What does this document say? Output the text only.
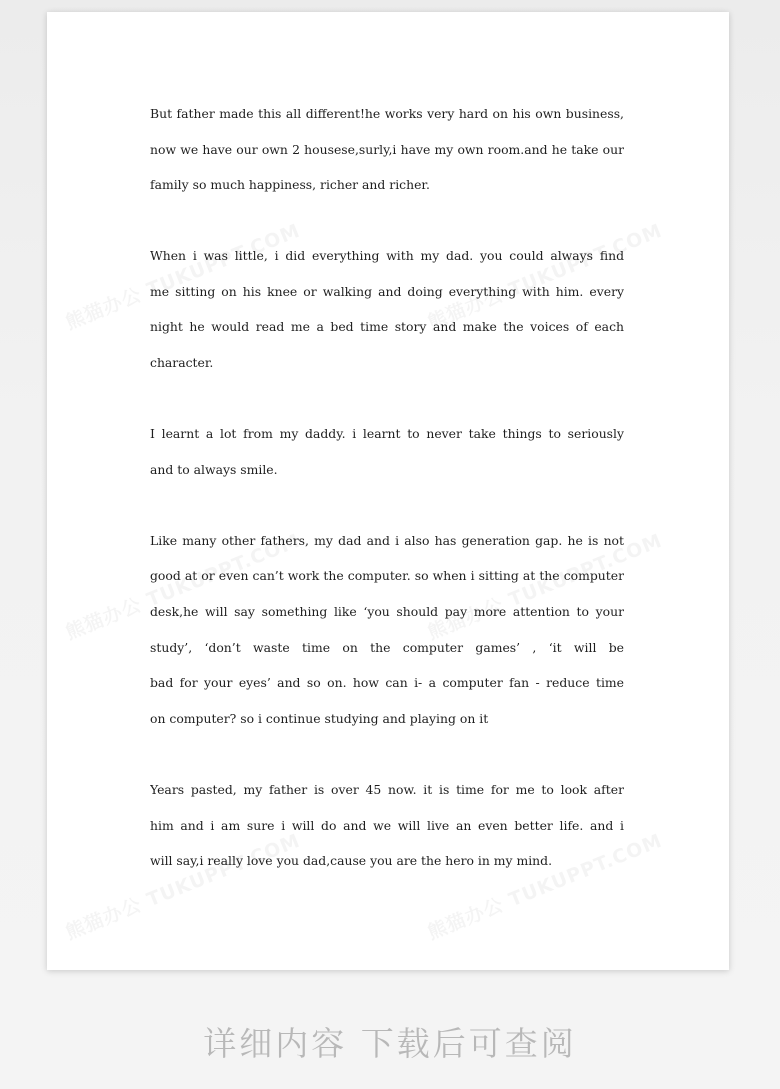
But father made this all different!he works very hard on his own business,
now we have our own 2 housese,surly,i have my own room.and he take our
family so much happiness, richer and richer.
When i was little, i did everything with my dad. you could always find
me sitting on his knee or walking and doing everything with him. every
night he would read me a bed time story and make the voices of each
character.
I learnt a lot from my daddy. i learnt to never take things to seriously
and to always smile.
Like many other fathers, my dad and i also has generation gap. he is not
good at or even can’t work the computer. so when i sitting at the computer
desk,he will say something like ‘you should pay more attention to your
study’, ‘don’t waste time on the computer games’ , ‘it will be
bad for your eyes’ and so on. how can i- a computer fan - reduce time
on computer? so i continue studying and playing on it
Years pasted, my father is over 45 now. it is time for me to look after
him and i am sure i will do and we will live an even better life. and i
will say,i really love you dad,cause you are the hero in my mind.
详细内容 下载后可查阅
